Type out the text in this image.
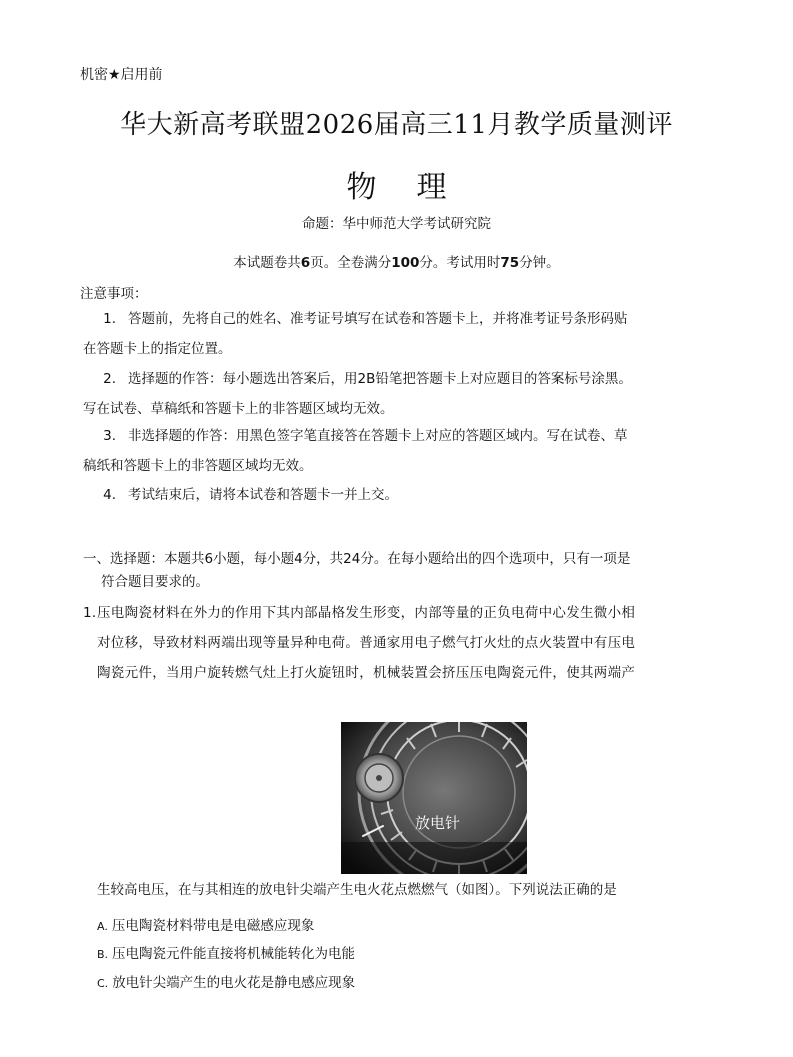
机密★启用前
华大新高考联盟2026届高三11月教学质量测评
物 理
命题：华中师范大学考试研究院
本试题卷共6页。全卷满分100分。考试用时75分钟。
注意事项：
1. 答题前，先将自己的姓名、准考证号填写在试卷和答题卡上，并将准考证号条形码贴
在答题卡上的指定位置。
2. 选择题的作答：每小题选出答案后，用2B铅笔把答题卡上对应题目的答案标号涂黑。
写在试卷、草稿纸和答题卡上的非答题区域均无效。
3. 非选择题的作答：用黑色签字笔直接答在答题卡上对应的答题区域内。写在试卷、草
稿纸和答题卡上的非答题区域均无效。
4. 考试结束后，请将本试卷和答题卡一并上交。
一、选择题：本题共6小题，每小题4分，共24分。在每小题给出的四个选项中，只有一项是
符合题目要求的。
1.压电陶瓷材料在外力的作用下其内部晶格发生形变，内部等量的正负电荷中心发生微小相
对位移，导致材料两端出现等量异种电荷。普通家用电子燃气打火灶的点火装置中有压电
陶瓷元件，当用户旋转燃气灶上打火旋钮时，机械装置会挤压压电陶瓷元件，使其两端产
放电针
生较高电压，在与其相连的放电针尖端产生电火花点燃燃气（如图）。下列说法正确的是
A. 压电陶瓷材料带电是电磁感应现象
B. 压电陶瓷元件能直接将机械能转化为电能
C. 放电针尖端产生的电火花是静电感应现象
